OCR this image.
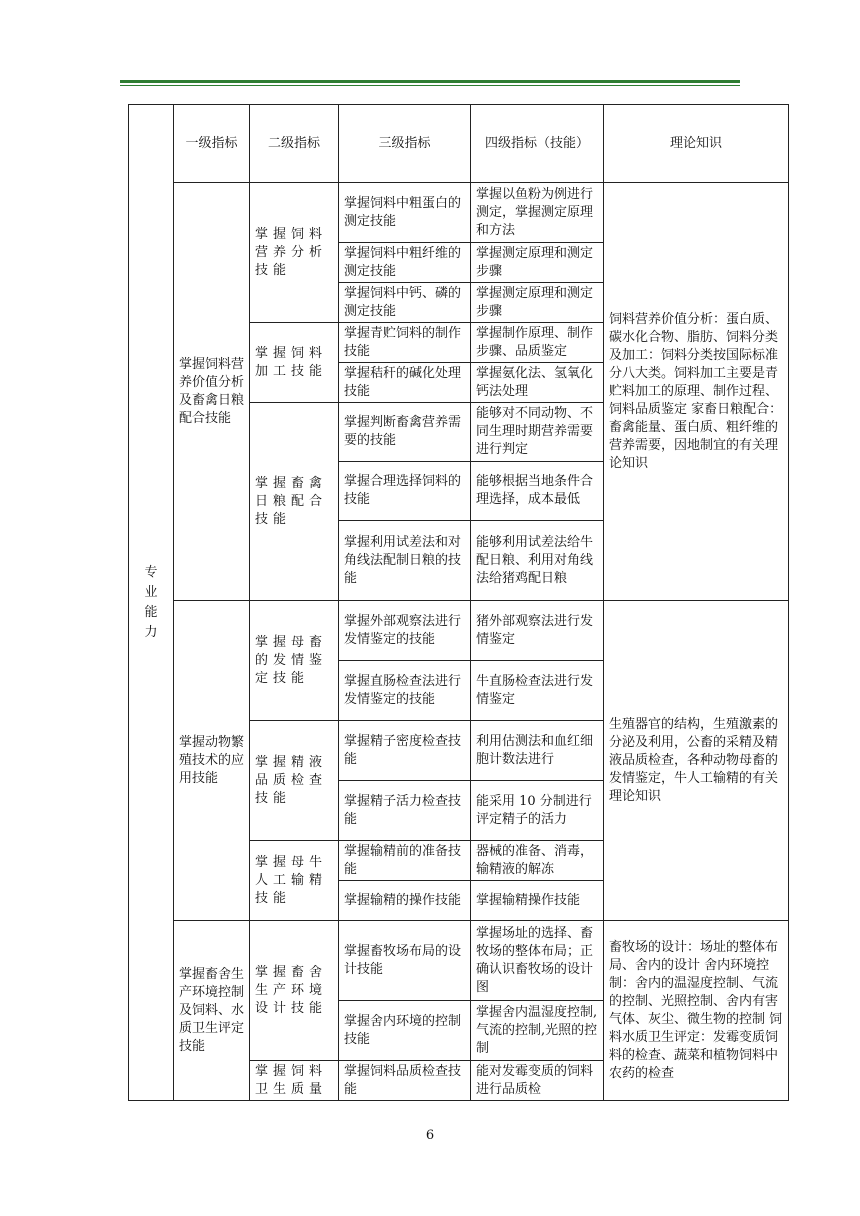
专业能力	一级指标	二级指标	三级指标	四级指标（技能）	理论知识
	掌握饲料营养价值分析及畜禽日粮配合技能	掌握饲料营养分析技能	掌握饲料中粗蛋白的测定技能	掌握以鱼粉为例进行测定，掌握测定原理和方法	饲料营养价值分析：蛋白质、碳水化合物、脂肪、饲料分类及加工：饲料分类按国际标准分八大类。饲料加工主要是青贮料加工的原理、制作过程、饲料品质鉴定 家畜日粮配合：畜禽能量、蛋白质、粗纤维的营养需要，因地制宜的有关理论知识
			掌握饲料中粗纤维的测定技能	掌握测定原理和测定步骤	
			掌握饲料中钙、磷的测定技能	掌握测定原理和测定步骤	
		掌握饲料加工技能	掌握青贮饲料的制作技能	掌握制作原理、制作步骤、品质鉴定	
			掌握秸秆的碱化处理技能	掌握氨化法、氢氧化钙法处理	
		掌握畜禽日粮配合技能	掌握判断畜禽营养需要的技能	能够对不同动物、不同生理时期营养需要进行判定	
			掌握合理选择饲料的技能	能够根据当地条件合理选择，成本最低	
			掌握利用试差法和对角线法配制日粮的技能	能够利用试差法给牛配日粮、利用对角线法给猪鸡配日粮	
	掌握动物繁殖技术的应用技能	掌握母畜的发情鉴定技能	掌握外部观察法进行发情鉴定的技能	猪外部观察法进行发情鉴定	生殖器官的结构，生殖激素的分泌及利用，公畜的采精及精液品质检查，各种动物母畜的发情鉴定，牛人工输精的有关理论知识
			掌握直肠检查法进行发情鉴定的技能	牛直肠检查法进行发情鉴定	
		掌握精液品质检查技能	掌握精子密度检查技能	利用估测法和血红细胞计数法进行	
			掌握精子活力检查技能	能采用 10 分制进行评定精子的活力	
		掌握母牛人工输精技能	掌握输精前的准备技能	器械的准备、消毒，输精液的解冻	
			掌握输精的操作技能	掌握输精操作技能	
	掌握畜舍生产环境控制及饲料、水质卫生评定技能	掌握畜舍生产环境设计技能	掌握畜牧场布局的设计技能	掌握场址的选择、畜牧场的整体布局；正确认识畜牧场的设计图	畜牧场的设计：场址的整体布局、舍内的设计 舍内环境控制：舍内的温湿度控制、气流的控制、光照控制、舍内有害气体、灰尘、微生物的控制 饲料水质卫生评定：发霉变质饲料的检查、蔬菜和植物饲料中农药的检查
			掌握舍内环境的控制技能	掌握舍内温湿度控制,气流的控制,光照的控制	
		掌握饲料卫生质量	掌握饲料品质检查技能	能对发霉变质的饲料进行品质检	
6
